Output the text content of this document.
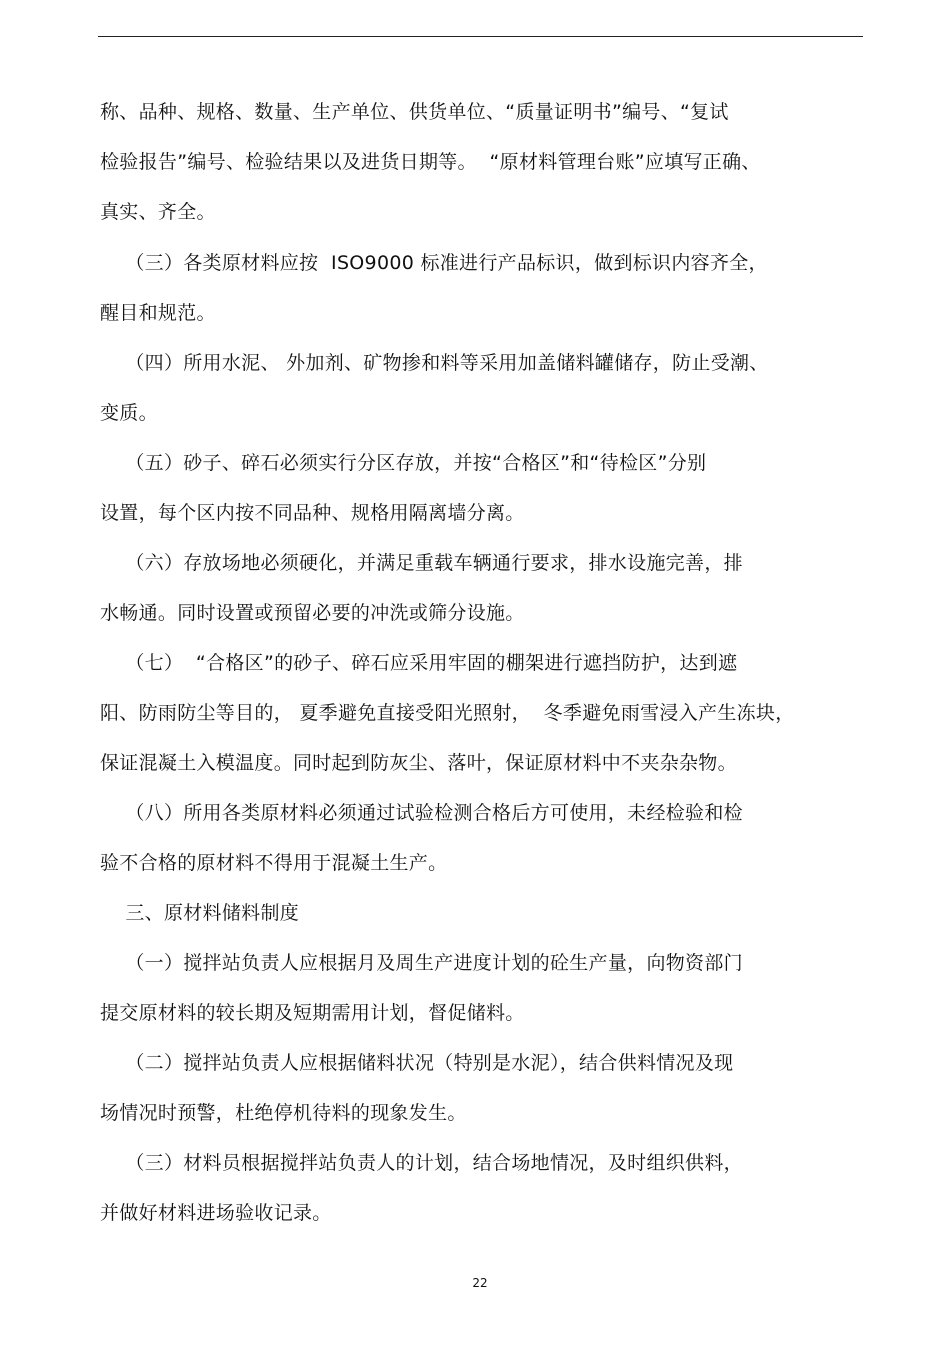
称、品种、规格、数量、生产单位、供货单位、“质量证明书”编号、“复试
检验报告”编号、检验结果以及进货日期等。  “原材料管理台账”应填写正确、
真实、齐全。
（三）各类原材料应按  ISO9000 标准进行产品标识，做到标识内容齐全，
醒目和规范。
（四）所用水泥、 外加剂、矿物掺和料等采用加盖储料罐储存，防止受潮、
变质。
（五）砂子、碎石必须实行分区存放，并按“合格区”和“待检区”分别
设置，每个区内按不同品种、规格用隔离墙分离。
（六）存放场地必须硬化，并满足重载车辆通行要求，排水设施完善，排
水畅通。同时设置或预留必要的冲洗或筛分设施。
（七）  “合格区”的砂子、碎石应采用牢固的棚架进行遮挡防护，达到遮
阳、防雨防尘等目的， 夏季避免直接受阳光照射，  冬季避免雨雪浸入产生冻块，
保证混凝土入模温度。同时起到防灰尘、落叶，保证原材料中不夹杂杂物。
（八）所用各类原材料必须通过试验检测合格后方可使用，未经检验和检
验不合格的原材料不得用于混凝土生产。
三、原材料储料制度
（一）搅拌站负责人应根据月及周生产进度计划的砼生产量，向物资部门
提交原材料的较长期及短期需用计划，督促储料。
（二）搅拌站负责人应根据储料状况（特别是水泥），结合供料情况及现
场情况时预警，杜绝停机待料的现象发生。
（三）材料员根据搅拌站负责人的计划，结合场地情况，及时组织供料，
并做好材料进场验收记录。
22
